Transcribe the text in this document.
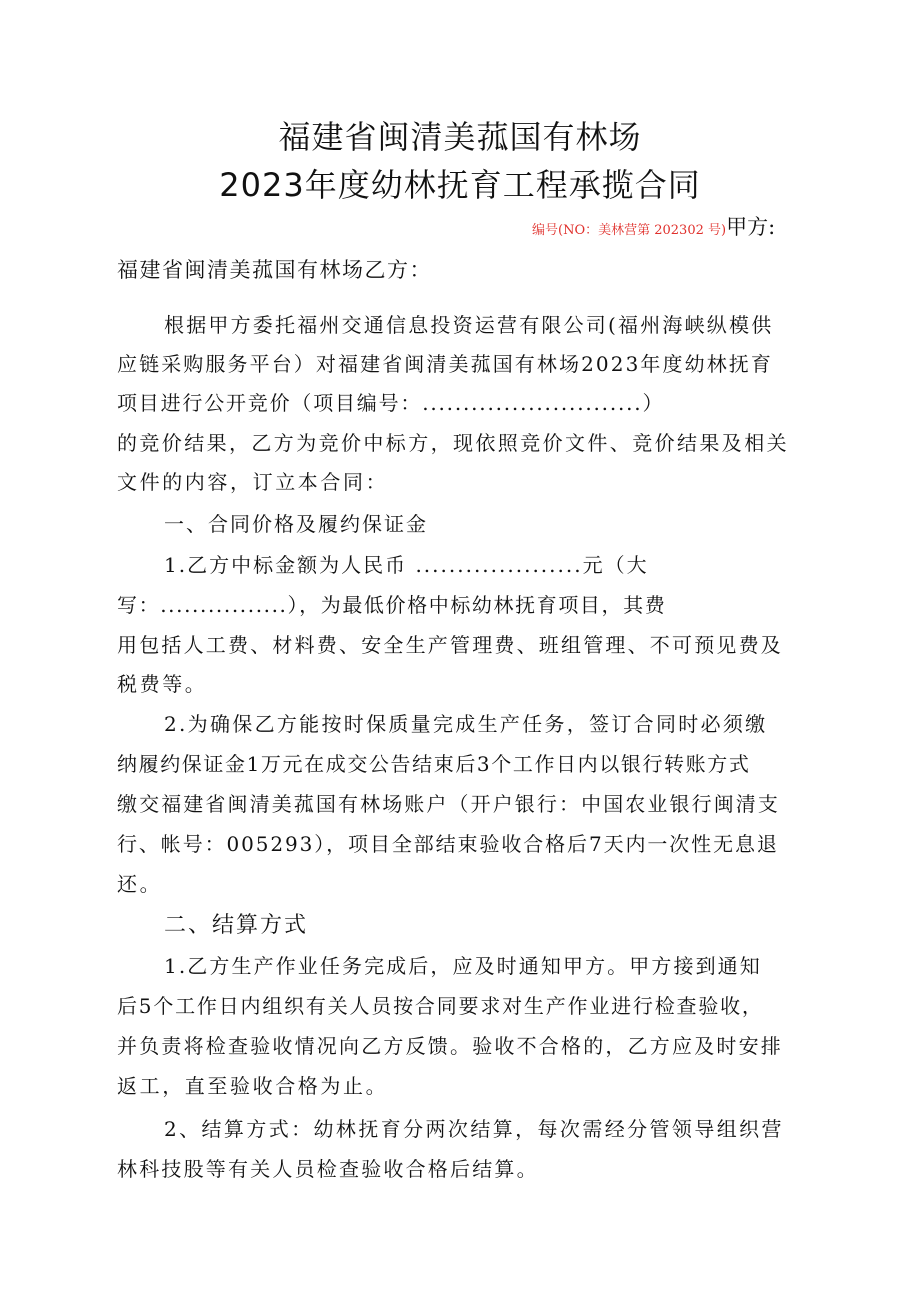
福建省闽清美菰国有林场
2023年度幼林抚育工程承揽合同
编号(NO：美林营第 202302 号)甲方:
福建省闽清美菰国有林场乙方：
根据甲方委托福州交通信息投资运营有限公司(福州海峡纵模供
应链采购服务平台）对福建省闽清美菰国有林场2023年度幼林抚育
项目进行公开竞价（项目编号：...........................）
的竞价结果，乙方为竞价中标方，现依照竞价文件、竞价结果及相关
文件的内容，订立本合同：
一、合同价格及履约保证金
1.乙方中标金额为人民币 ....................元（大
写：................），为最低价格中标幼林抚育项目，其费
用包括人工费、材料费、安全生产管理费、班组管理、不可预见费及
税费等。
2.为确保乙方能按时保质量完成生产任务，签订合同时必须缴
纳履约保证金1万元在成交公告结束后3个工作日内以银行转账方式
缴交福建省闽清美菰国有林场账户（开户银行：中国农业银行闽清支
行、帐号：005293），项目全部结束验收合格后7天内一次性无息退
还。
二、结算方式
1.乙方生产作业任务完成后，应及时通知甲方。甲方接到通知
后5个工作日内组织有关人员按合同要求对生产作业进行检查验收，
并负责将检查验收情况向乙方反馈。验收不合格的，乙方应及时安排
返工，直至验收合格为止。
2、结算方式：幼林抚育分两次结算，每次需经分管领导组织营
林科技股等有关人员检查验收合格后结算。
